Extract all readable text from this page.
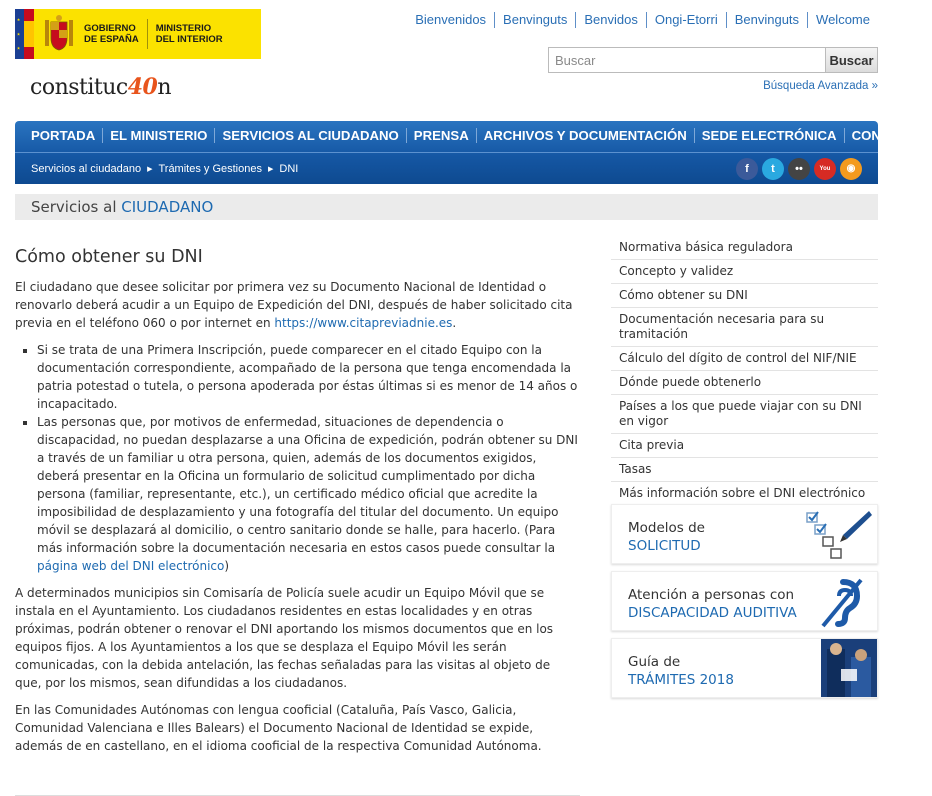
★ ★ ★
GOBIERNO
DE ESPAÑA
MINISTERIO
DEL INTERIOR
constituc40n
Bienvenidos	Benvinguts	Benvidos	Ongi-Etorri	Benvinguts	Welcome
Buscar
Buscar
Búsqueda Avanzada »
PORTADA	EL MINISTERIO	SERVICIOS AL CIUDADANO	PRENSA	ARCHIVOS Y DOCUMENTACIÓN	SEDE ELECTRÓNICA	CONTACTO
Servicios al ciudadano ▶ Trámites y Gestiones ▶ DNI	f	t	••	You	◉
Servicios al CIUDADANO
Cómo obtener su DNI

El ciudadano que desee solicitar por primera vez su Documento Nacional de Identidad o renovarlo deberá acudir a un Equipo de Expedición del DNI, después de haber solicitado cita previa en el teléfono 060 o por internet en https://www.citapreviadnie.es.

▪ Si se trata de una Primera Inscripción, puede comparecer en el citado Equipo con la documentación correspondiente, acompañado de la persona que tenga encomendada la patria potestad o tutela, o persona apoderada por éstas últimas si es menor de 14 años o incapacitado.
▪ Las personas que, por motivos de enfermedad, situaciones de dependencia o discapacidad, no puedan desplazarse a una Oficina de expedición, podrán obtener su DNI a través de un familiar u otra persona, quien, además de los documentos exigidos, deberá presentar en la Oficina un formulario de solicitud cumplimentado por dicha persona (familiar, representante, etc.), un certificado médico oficial que acredite la imposibilidad de desplazamiento y una fotografía del titular del documento. Un equipo móvil se desplazará al domicilio, o centro sanitario donde se halle, para hacerlo. (Para más información sobre la documentación necesaria en estos casos puede consultar la página web del DNI electrónico)

A determinados municipios sin Comisaría de Policía suele acudir un Equipo Móvil que se instala en el Ayuntamiento. Los ciudadanos residentes en estas localidades y en otras próximas, podrán obtener o renovar el DNI aportando los mismos documentos que en los equipos fijos. A los Ayuntamientos a los que se desplaza el Equipo Móvil les serán comunicadas, con la debida antelación, las fechas señaladas para las visitas al objeto de que, por los mismos, sean difundidas a los ciudadanos.

En las Comunidades Autónomas con lengua cooficial (Cataluña, País Vasco, Galicia, Comunidad Valenciana e Illes Balears) el Documento Nacional de Identidad se expide, además de en castellano, en el idioma cooficial de la respectiva Comunidad Autónoma.

Normativa básica reguladora
Concepto y validez
Cómo obtener su DNI
Documentación necesaria para su tramitación
Cálculo del dígito de control del NIF/NIE
Dónde puede obtenerlo
Países a los que puede viajar con su DNI en vigor
Cita previa
Tasas
Más información sobre el DNI electrónico
Modelos de
SOLICITUD
Atención a personas con
DISCAPACIDAD AUDITIVA
Guía de
TRÁMITES 2018
